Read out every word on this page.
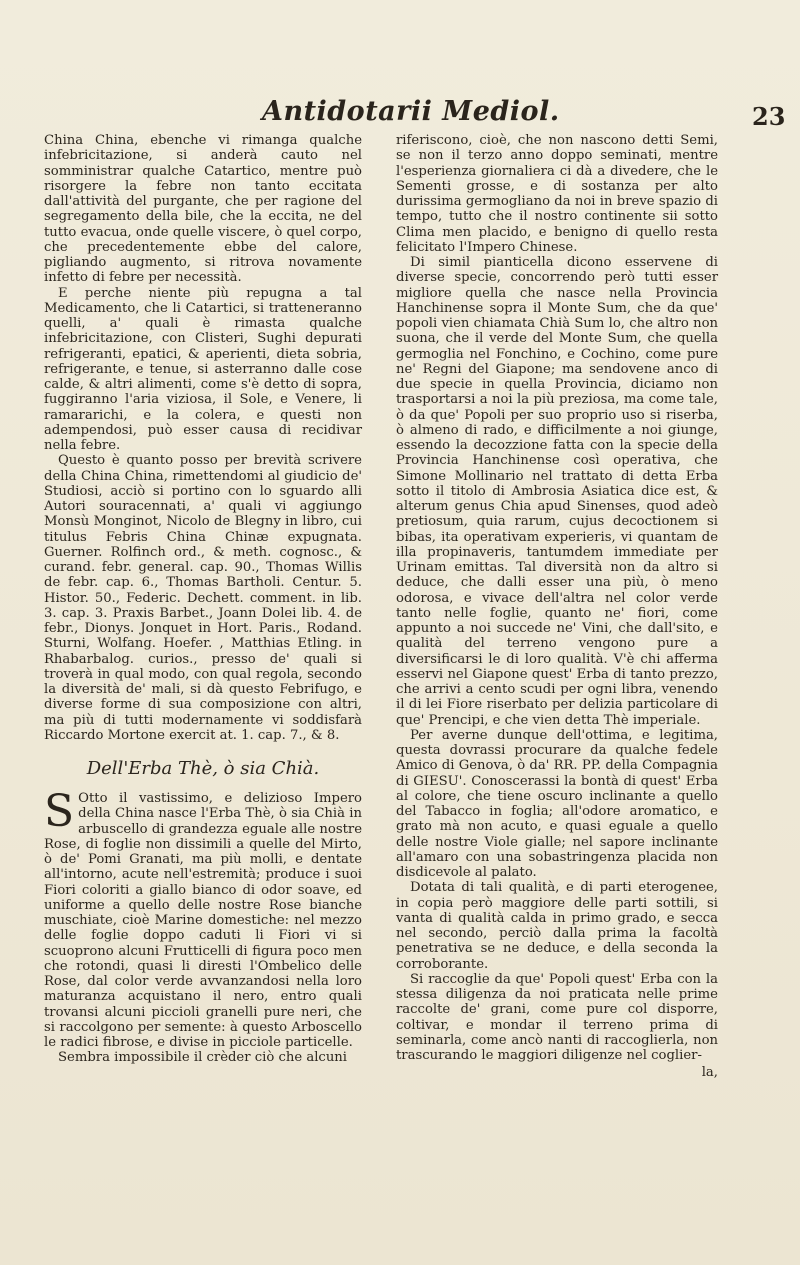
Antidotarii Mediol.	23

China China, ebenche vi rimanga qualche infebricitazione, si anderà cauto nel somministrar qualche Catartico, mentre può risorgere la febre non tanto eccitata dall'attività del purgante, che per ragione del segregamento della bile, che la eccita, ne del tutto evacua, onde quelle viscere, ò quel corpo, che precedentemente ebbe del calore, pigliando augmento, si ritrova novamente infetto di febre per necessità.

E perche niente più repugna a tal Medicamento, che li Catartici, si tratteneranno quelli, a' quali è rimasta qualche infebricitazione, con Clisteri, Sughi depurati refrigeranti, epatici, & aperienti, dieta sobria, refrigerante, e tenue, si asterranno dalle cose calde, & altri alimenti, come s'è detto di sopra, fuggiranno l'aria viziosa, il Sole, e Venere, li ramararichi, e la colera, e questi non adempendosi, può esser causa di recidivar nella febre.

Questo è quanto posso per brevità scrivere della China China, rimettendomi al giudicio de' Studiosi, acciò si portino con lo sguardo alli Autori souracennati, a' quali vi aggiungo Monsù Monginot, Nicolo de Blegny in libro, cui titulus Febris China Chinæ expugnata. Guerner. Rolfinch ord., & meth. cognosc., & curand. febr. general. cap. 90., Thomas Willis de febr. cap. 6., Thomas Bartholi. Centur. 5. Histor. 50., Federic. Dechett. comment. in lib. 3. cap. 3. Praxis Barbet., Joann Dolei lib. 4. de febr., Dionys. Jonquet in Hort. Paris., Rodand. Sturni, Wolfang. Hoefer. , Matthias Etling. in Rhabarbalog. curios., presso de' quali si troverà in qual modo, con qual regola, secondo la diversità de' mali, si dà questo Febrifugo, e diverse forme di sua composizione con altri, ma più di tutti modernamente vi soddisfarà Riccardo Mortone exercit at. 1. cap. 7., & 8.

Dell'Erba Thè, ò sia Chià.

SOtto il vastissimo, e delizioso Impero della China nasce l'Erba Thè, ò sia Chià in arbuscello di grandezza eguale alle nostre Rose, di foglie non dissimili a quelle del Mirto, ò de' Pomi Granati, ma più molli, e dentate all'intorno, acute nell'estremità; produce i suoi Fiori coloriti a giallo bianco di odor soave, ed uniforme a quello delle nostre Rose bianche muschiate, cioè Marine domestiche: nel mezzo delle foglie doppo caduti li Fiori vi si scuoprono alcuni Frutticelli di figura poco men che rotondi, quasi li diresti l'Ombelico delle Rose, dal color verde avvanzandosi nella loro maturanza acquistano il nero, entro quali trovansi alcuni piccioli granelli pure neri, che si raccolgono per semente: à questo Arboscello le radici fibrose, e divise in picciole particelle.

Sembra impossibile il crèder ciò che alcuni

riferiscono, cioè, che non nascono detti Semi, se non il terzo anno doppo seminati, mentre l'esperienza giornaliera ci dà a divedere, che le Sementi grosse, e di sostanza per alto durissima germogliano da noi in breve spazio di tempo, tutto che il nostro continente sii sotto Clima men placido, e benigno di quello resta felicitato l'Impero Chinese.

Di simil pianticella dicono esservene di diverse specie, concorrendo però tutti esser migliore quella che nasce nella Provincia Hanchinense sopra il Monte Sum, che da que' popoli vien chiamata Chià Sum lo, che altro non suona, che il verde del Monte Sum, che quella germoglia nel Fonchino, e Cochino, come pure ne' Regni del Giapone; ma sendovene anco di due specie in quella Provincia, diciamo non trasportarsi a noi la più preziosa, ma come tale, ò da que' Popoli per suo proprio uso si riserba, ò almeno di rado, e difficilmente a noi giunge, essendo la decozzione fatta con la specie della Provincia Hanchinense così operativa, che Simone Mollinario nel trattato di detta Erba sotto il titolo di Ambrosia Asiatica dice est, & alterum genus Chia apud Sinenses, quod adeò pretiosum, quia rarum, cujus decoctionem si bibas, ita operativam experieris, vi quantam de illa propinaveris, tantumdem immediate per Urinam emittas. Tal diversità non da altro si deduce, che dalli esser una più, ò meno odorosa, e vivace dell'altra nel color verde tanto nelle foglie, quanto ne' fiori, come appunto a noi succede ne' Vini, che dall'sito, e qualità del terreno vengono pure a diversificarsi le di loro qualità. V'è chi afferma esservi nel Giapone quest' Erba di tanto prezzo, che arrivi a cento scudi per ogni libra, venendo il di lei Fiore riserbato per delizia particolare di que' Prencipi, e che vien detta Thè imperiale.

Per averne dunque dell'ottima, e legitima, questa dovrassi procurare da qualche fedele Amico di Genova, ò da' RR. PP. della Compagnia di GIESU'. Conoscerassi la bontà di quest' Erba al colore, che tiene oscuro inclinante a quello del Tabacco in foglia; all'odore aromatico, e grato mà non acuto, e quasi eguale a quello delle nostre Viole gialle; nel sapore inclinante all'amaro con una sobastringenza placida non disdicevole al palato.

Dotata di tali qualità, e di parti eterogenee, in copia però maggiore delle parti sottili, si vanta di qualità calda in primo grado, e secca nel secondo, perciò dalla prima la facoltà penetrativa se ne deduce, e della seconda la corroborante.

Si raccoglie da que' Popoli quest' Erba con la stessa diligenza da noi praticata nelle prime raccolte de' grani, come pure col disporre, coltivar, e mondar il terreno prima di seminarla, come ancò nanti di raccoglierla, non trascurando le maggiori diligenze nel coglier-

la,
